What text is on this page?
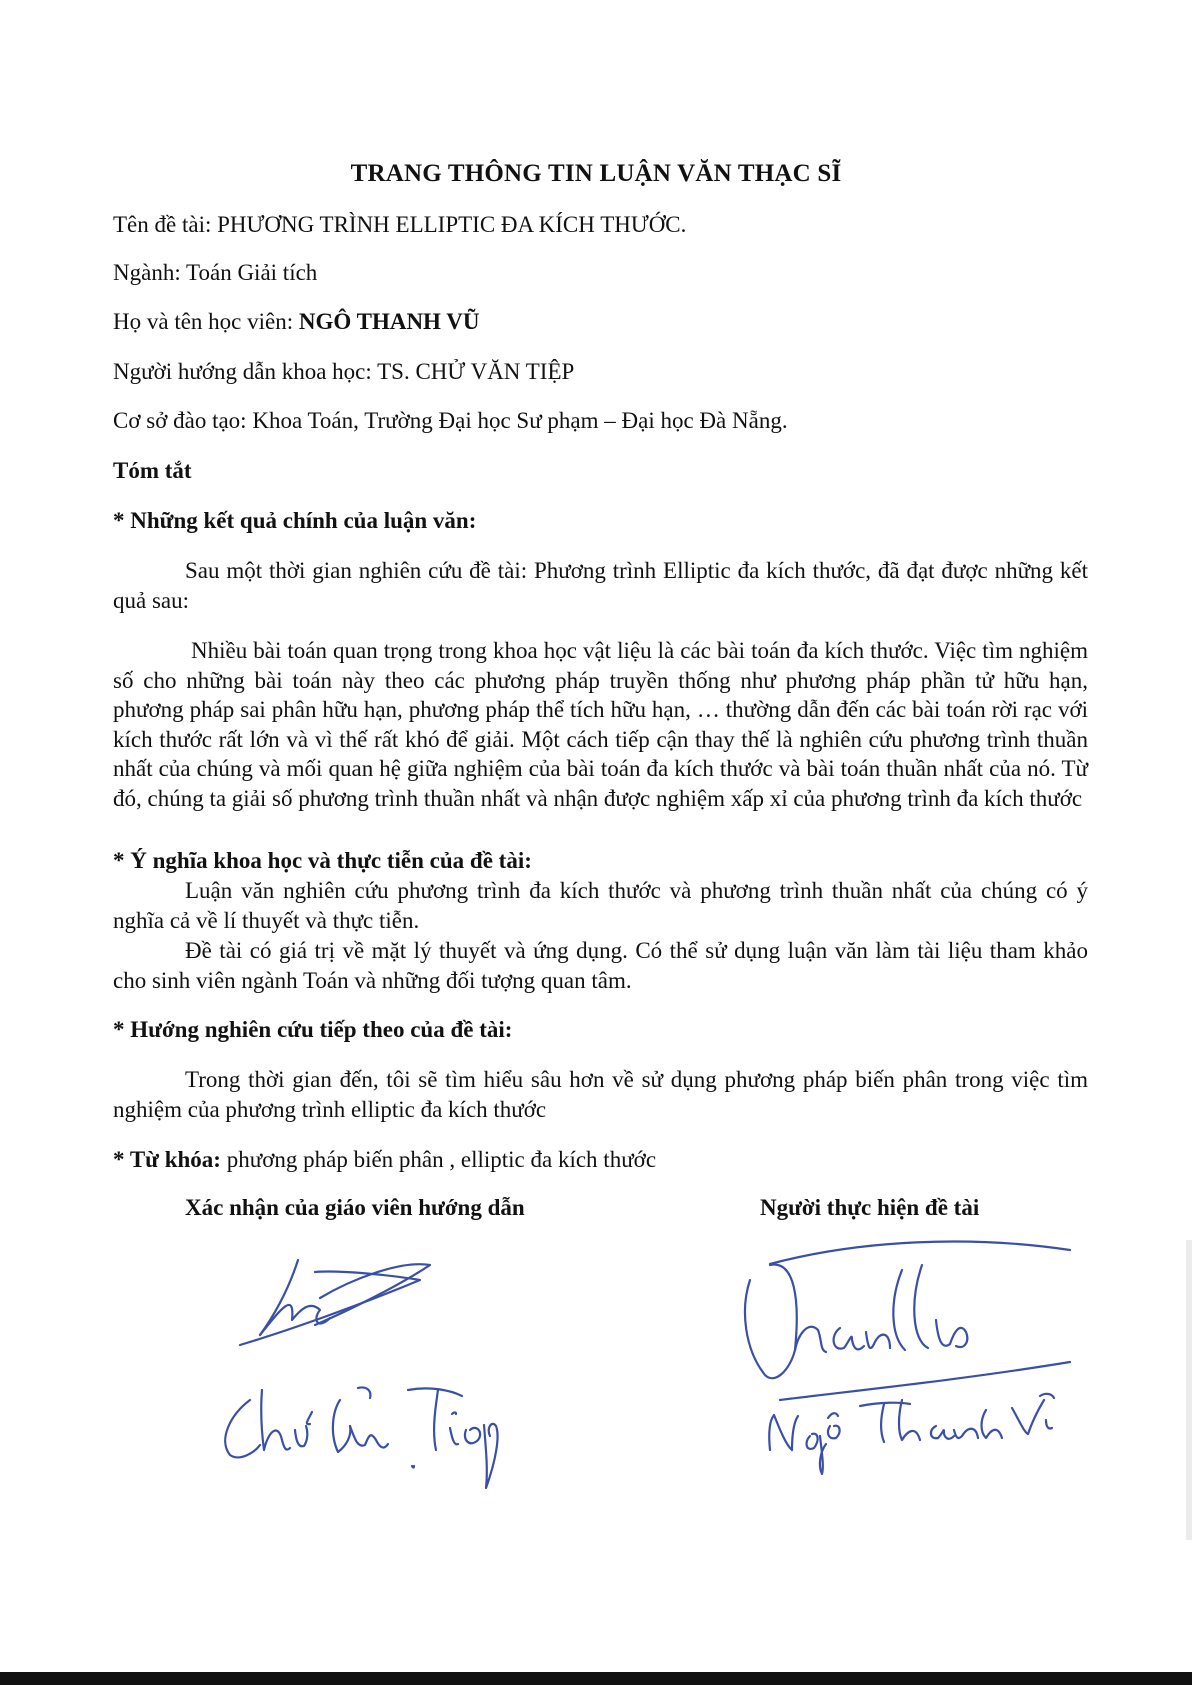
TRANG THÔNG TIN LUẬN VĂN THẠC SĨ
Tên đề tài: PHƯƠNG TRÌNH ELLIPTIC ĐA KÍCH THƯỚC.
Ngành: Toán Giải tích
Họ và tên học viên: NGÔ THANH VŨ
Người hướng dẫn khoa học: TS. CHỬ VĂN TIỆP
Cơ sở đào tạo: Khoa Toán, Trường Đại học Sư phạm – Đại học Đà Nẵng.
Tóm tắt
* Những kết quả chính của luận văn:
Sau một thời gian nghiên cứu đề tài: Phương trình Elliptic đa kích thước, đã đạt được những kết quả sau:
Nhiều bài toán quan trọng trong khoa học vật liệu là các bài toán đa kích thước. Việc tìm nghiệm số cho những bài toán này theo các phương pháp truyền thống như phương pháp phần tử hữu hạn, phương pháp sai phân hữu hạn, phương pháp thể tích hữu hạn, … thường dẫn đến các bài toán rời rạc với kích thước rất lớn và vì thế rất khó để giải. Một cách tiếp cận thay thế là nghiên cứu phương trình thuần nhất của chúng và mối quan hệ giữa nghiệm của bài toán đa kích thước và bài toán thuần nhất của nó. Từ đó, chúng ta giải số phương trình thuần nhất và nhận được nghiệm xấp xỉ của phương trình đa kích thước
* Ý nghĩa khoa học và thực tiễn của đề tài:
Luận văn nghiên cứu phương trình đa kích thước và phương trình thuần nhất của chúng có ý nghĩa cả về lí thuyết và thực tiễn.
Đề tài có giá trị về mặt lý thuyết và ứng dụng. Có thể sử dụng luận văn làm tài liệu tham khảo cho sinh viên ngành Toán và những đối tượng quan tâm.
* Hướng nghiên cứu tiếp theo của đề tài:
Trong thời gian đến, tôi sẽ tìm hiểu sâu hơn về sử dụng phương pháp biến phân trong việc tìm nghiệm của phương trình elliptic đa kích thước
* Từ khóa: phương pháp biến phân , elliptic đa kích thước
Xác nhận của giáo viên hướng dẫn	Người thực hiện đề tài
